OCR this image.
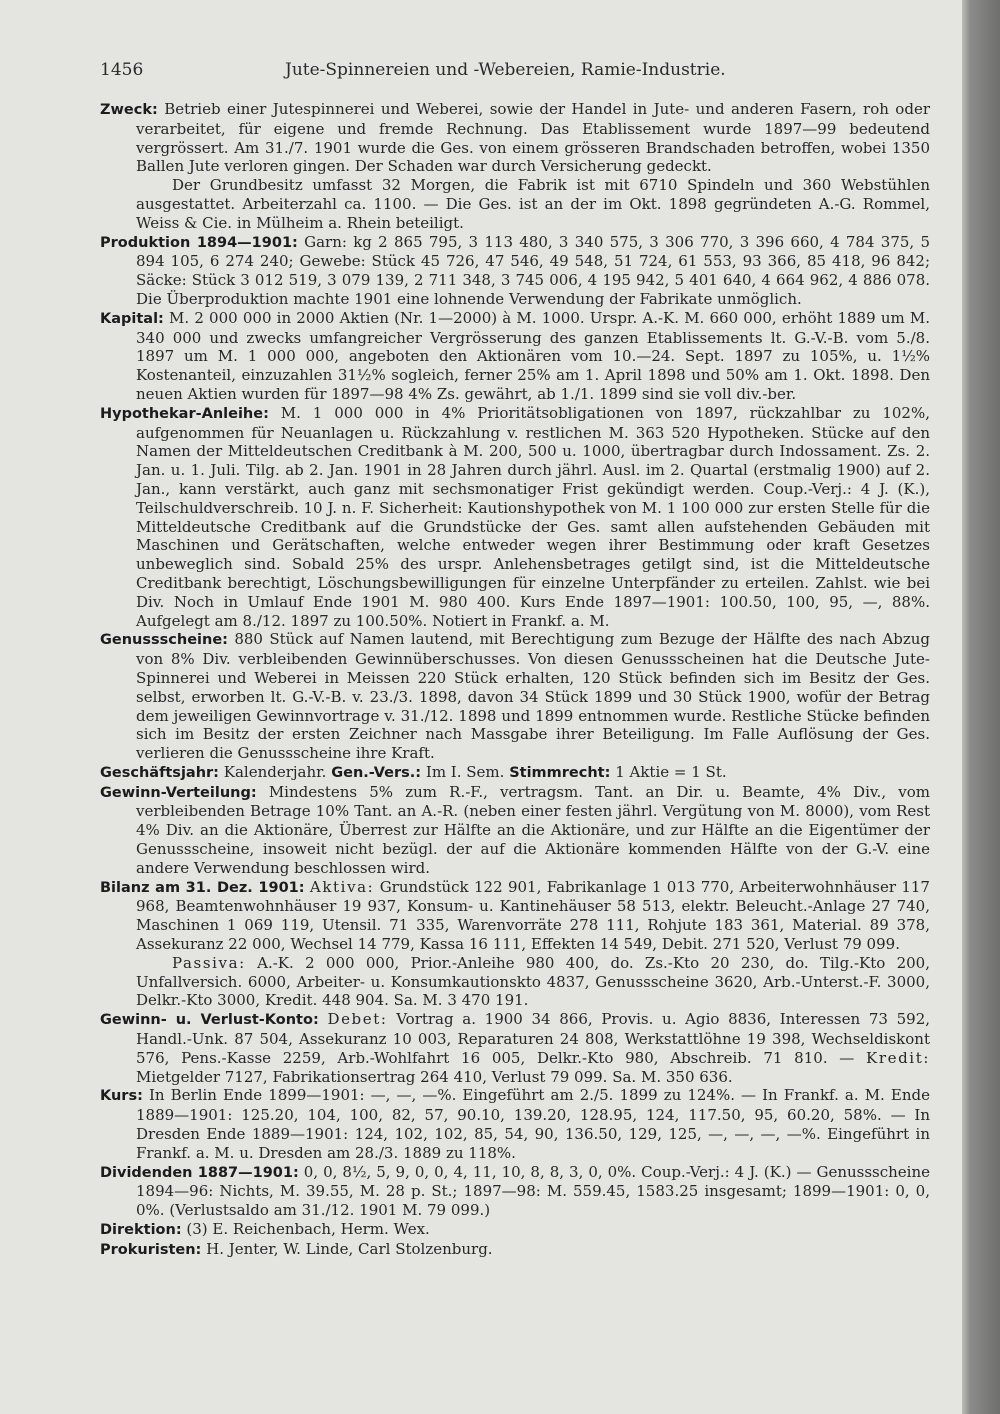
1456	Jute-Spinnereien und -Webereien, Ramie-Industrie.

Zweck: Betrieb einer Jutespinnerei und Weberei, sowie der Handel in Jute- und anderen Fasern, roh oder verarbeitet, für eigene und fremde Rechnung. Das Etablissement wurde 1897—99 bedeutend vergrössert. Am 31./7. 1901 wurde die Ges. von einem grösseren Brandschaden betroffen, wobei 1350 Ballen Jute verloren gingen. Der Schaden war durch Versicherung gedeckt.

Der Grundbesitz umfasst 32 Morgen, die Fabrik ist mit 6710 Spindeln und 360 Webstühlen ausgestattet. Arbeiterzahl ca. 1100. — Die Ges. ist an der im Okt. 1898 gegründeten A.-G. Rommel, Weiss & Cie. in Mülheim a. Rhein beteiligt.

Produktion 1894—1901: Garn: kg 2 865 795, 3 113 480, 3 340 575, 3 306 770, 3 396 660, 4 784 375, 5 894 105, 6 274 240; Gewebe: Stück 45 726, 47 546, 49 548, 51 724, 61 553, 93 366, 85 418, 96 842; Säcke: Stück 3 012 519, 3 079 139, 2 711 348, 3 745 006, 4 195 942, 5 401 640, 4 664 962, 4 886 078. Die Überproduktion machte 1901 eine lohnende Verwendung der Fabrikate unmöglich.

Kapital: M. 2 000 000 in 2000 Aktien (Nr. 1—2000) à M. 1000. Urspr. A.-K. M. 660 000, erhöht 1889 um M. 340 000 und zwecks umfangreicher Vergrösserung des ganzen Etablissements lt. G.-V.-B. vom 5./8. 1897 um M. 1 000 000, angeboten den Aktionären vom 10.—24. Sept. 1897 zu 105%, u. 1½% Kostenanteil, einzuzahlen 31½% sogleich, ferner 25% am 1. April 1898 und 50% am 1. Okt. 1898. Den neuen Aktien wurden für 1897—98 4% Zs. gewährt, ab 1./1. 1899 sind sie voll div.-ber.

Hypothekar-Anleihe: M. 1 000 000 in 4% Prioritätsobligationen von 1897, rückzahlbar zu 102%, aufgenommen für Neuanlagen u. Rückzahlung v. restlichen M. 363 520 Hypotheken. Stücke auf den Namen der Mitteldeutschen Creditbank à M. 200, 500 u. 1000, übertragbar durch Indossament. Zs. 2. Jan. u. 1. Juli. Tilg. ab 2. Jan. 1901 in 28 Jahren durch jährl. Ausl. im 2. Quartal (erstmalig 1900) auf 2. Jan., kann verstärkt, auch ganz mit sechsmonatiger Frist gekündigt werden. Coup.-Verj.: 4 J. (K.), Teilschuldverschreib. 10 J. n. F. Sicherheit: Kautionshypothek von M. 1 100 000 zur ersten Stelle für die Mitteldeutsche Creditbank auf die Grundstücke der Ges. samt allen aufstehenden Gebäuden mit Maschinen und Gerätschaften, welche entweder wegen ihrer Bestimmung oder kraft Gesetzes unbeweglich sind. Sobald 25% des urspr. Anlehensbetrages getilgt sind, ist die Mitteldeutsche Creditbank berechtigt, Löschungsbewilligungen für einzelne Unterpfänder zu erteilen. Zahlst. wie bei Div. Noch in Umlauf Ende 1901 M. 980 400. Kurs Ende 1897—1901: 100.50, 100, 95, —, 88%. Aufgelegt am 8./12. 1897 zu 100.50%. Notiert in Frankf. a. M.

Genussscheine: 880 Stück auf Namen lautend, mit Berechtigung zum Bezuge der Hälfte des nach Abzug von 8% Div. verbleibenden Gewinnüberschusses. Von diesen Genussscheinen hat die Deutsche Jute-Spinnerei und Weberei in Meissen 220 Stück erhalten, 120 Stück befinden sich im Besitz der Ges. selbst, erworben lt. G.-V.-B. v. 23./3. 1898, davon 34 Stück 1899 und 30 Stück 1900, wofür der Betrag dem jeweiligen Gewinnvortrage v. 31./12. 1898 und 1899 entnommen wurde. Restliche Stücke befinden sich im Besitz der ersten Zeichner nach Massgabe ihrer Beteiligung. Im Falle Auflösung der Ges. verlieren die Genussscheine ihre Kraft.

Geschäftsjahr: Kalenderjahr. Gen.-Vers.: Im I. Sem. Stimmrecht: 1 Aktie = 1 St.

Gewinn-Verteilung: Mindestens 5% zum R.-F., vertragsm. Tant. an Dir. u. Beamte, 4% Div., vom verbleibenden Betrage 10% Tant. an A.-R. (neben einer festen jährl. Vergütung von M. 8000), vom Rest 4% Div. an die Aktionäre, Überrest zur Hälfte an die Aktionäre, und zur Hälfte an die Eigentümer der Genussscheine, insoweit nicht bezügl. der auf die Aktionäre kommenden Hälfte von der G.-V. eine andere Verwendung beschlossen wird.

Bilanz am 31. Dez. 1901: Aktiva: Grundstück 122 901, Fabrikanlage 1 013 770, Arbeiterwohnhäuser 117 968, Beamtenwohnhäuser 19 937, Konsum- u. Kantinehäuser 58 513, elektr. Beleucht.-Anlage 27 740, Maschinen 1 069 119, Utensil. 71 335, Warenvorräte 278 111, Rohjute 183 361, Material. 89 378, Assekuranz 22 000, Wechsel 14 779, Kassa 16 111, Effekten 14 549, Debit. 271 520, Verlust 79 099.

Passiva: A.-K. 2 000 000, Prior.-Anleihe 980 400, do. Zs.-Kto 20 230, do. Tilg.-Kto 200, Unfallversich. 6000, Arbeiter- u. Konsumkautionskto 4837, Genussscheine 3620, Arb.-Unterst.-F. 3000, Delkr.-Kto 3000, Kredit. 448 904. Sa. M. 3 470 191.

Gewinn- u. Verlust-Konto: Debet: Vortrag a. 1900 34 866, Provis. u. Agio 8836, Interessen 73 592, Handl.-Unk. 87 504, Assekuranz 10 003, Reparaturen 24 808, Werkstattlöhne 19 398, Wechseldiskont 576, Pens.-Kasse 2259, Arb.-Wohlfahrt 16 005, Delkr.-Kto 980, Abschreib. 71 810. — Kredit: Mietgelder 7127, Fabrikationsertrag 264 410, Verlust 79 099. Sa. M. 350 636.

Kurs: In Berlin Ende 1899—1901: —, —, —%. Eingeführt am 2./5. 1899 zu 124%. — In Frankf. a. M. Ende 1889—1901: 125.20, 104, 100, 82, 57, 90.10, 139.20, 128.95, 124, 117.50, 95, 60.20, 58%. — In Dresden Ende 1889—1901: 124, 102, 102, 85, 54, 90, 136.50, 129, 125, —, —, —, —%. Eingeführt in Frankf. a. M. u. Dresden am 28./3. 1889 zu 118%.

Dividenden 1887—1901: 0, 0, 8½, 5, 9, 0, 0, 4, 11, 10, 8, 8, 3, 0, 0%. Coup.-Verj.: 4 J. (K.) — Genussscheine 1894—96: Nichts, M. 39.55, M. 28 p. St.; 1897—98: M. 559.45, 1583.25 insgesamt; 1899—1901: 0, 0, 0%. (Verlustsaldo am 31./12. 1901 M. 79 099.)

Direktion: (3) E. Reichenbach, Herm. Wex.

Prokuristen: H. Jenter, W. Linde, Carl Stolzenburg.
